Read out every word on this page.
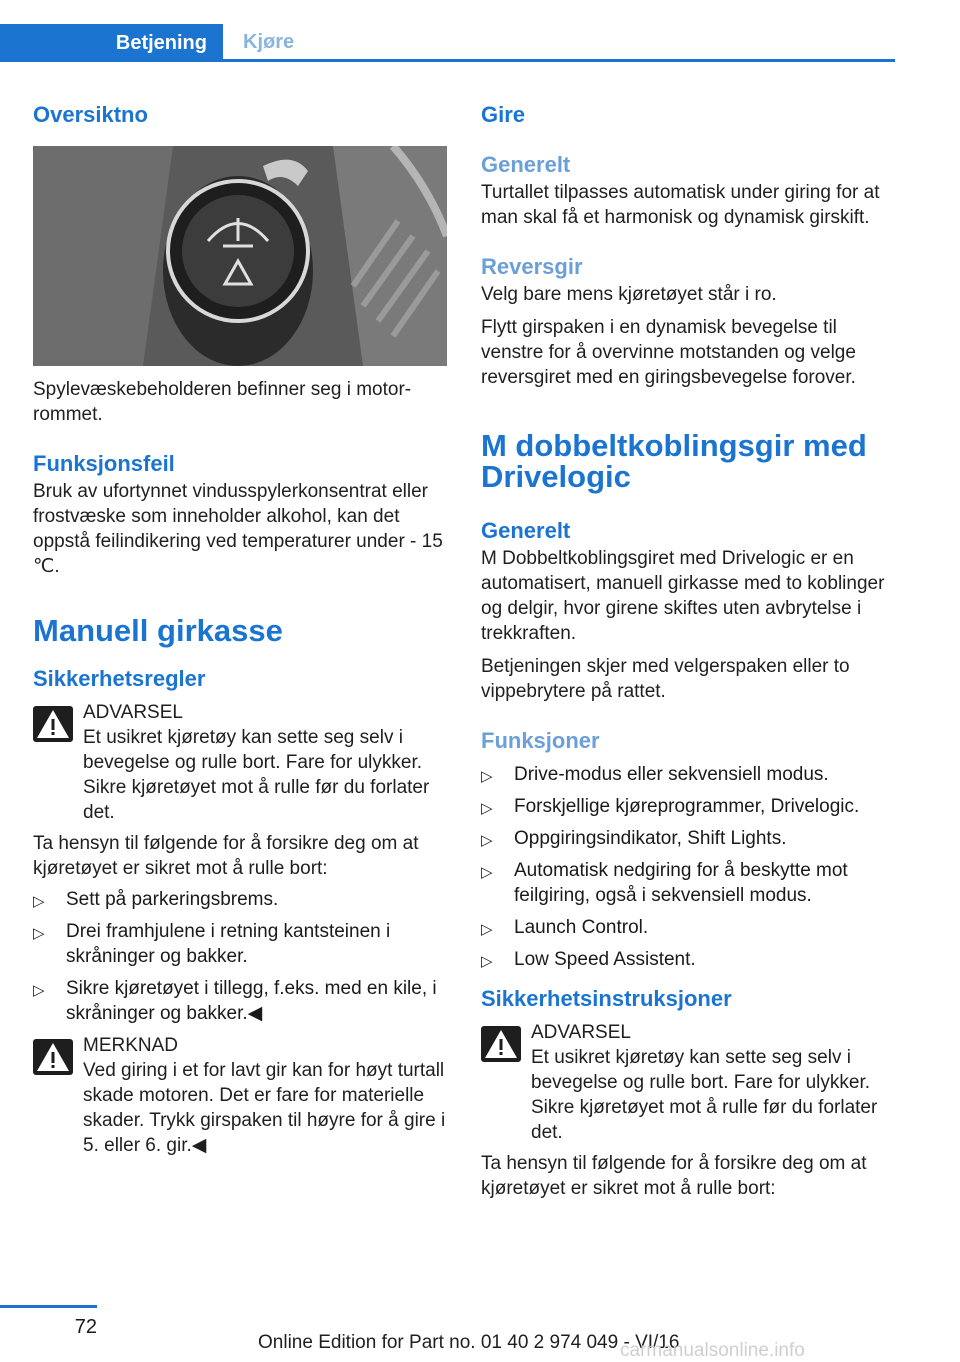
Betjening	Kjøre
Oversiktno
Spylevæskebeholderen befinner seg i motorrommet.
Funksjonsfeil
Bruk av ufortynnet vindusspylerkonsentrat eller frostvæske som inneholder alkohol, kan det oppstå feilindikering ved temperaturer under - 15 ℃.
Manuell girkasse
Sikkerhetsregler
ADVARSEL
Et usikret kjøretøy kan sette seg selv i bevegelse og rulle bort. Fare for ulykker. Sikre kjøretøyet mot å rulle før du forlater det.
Ta hensyn til følgende for å forsikre deg om at kjøretøyet er sikret mot å rulle bort:
▷ Sett på parkeringsbrems.
▷ Drei framhjulene i retning kantsteinen i skråninger og bakker.
▷ Sikre kjøretøyet i tillegg, f.eks. med en kile, i skråninger og bakker.◀
MERKNAD
Ved giring i et for lavt gir kan for høyt turtall skade motoren. Det er fare for materielle skader. Trykk girspaken til høyre for å gire i 5. eller 6. gir.◀
Gire
Generelt
Turtallet tilpasses automatisk under giring for at man skal få et harmonisk og dynamisk girskift.
Reversgir
Velg bare mens kjøretøyet står i ro.
Flytt girspaken i en dynamisk bevegelse til venstre for å overvinne motstanden og velge reversgiret med en giringsbevegelse forover.
M dobbeltkoblingsgir med Drivelogic
Generelt
M Dobbeltkoblingsgiret med Drivelogic er en automatisert, manuell girkasse med to koblinger og delgir, hvor girene skiftes uten avbrytelse i trekkraften.
Betjeningen skjer med velgerspaken eller to vippebrytere på rattet.
Funksjoner
▷ Drive-modus eller sekvensiell modus.
▷ Forskjellige kjøreprogrammer, Drivelogic.
▷ Oppgiringsindikator, Shift Lights.
▷ Automatisk nedgiring for å beskytte mot feilgiring, også i sekvensiell modus.
▷ Launch Control.
▷ Low Speed Assistent.
Sikkerhetsinstruksjoner
ADVARSEL
Et usikret kjøretøy kan sette seg selv i bevegelse og rulle bort. Fare for ulykker. Sikre kjøretøyet mot å rulle før du forlater det.
Ta hensyn til følgende for å forsikre deg om at kjøretøyet er sikret mot å rulle bort:
72
Online Edition for Part no. 01 40 2 974 049 - VI/16
carmanualsonline.info
